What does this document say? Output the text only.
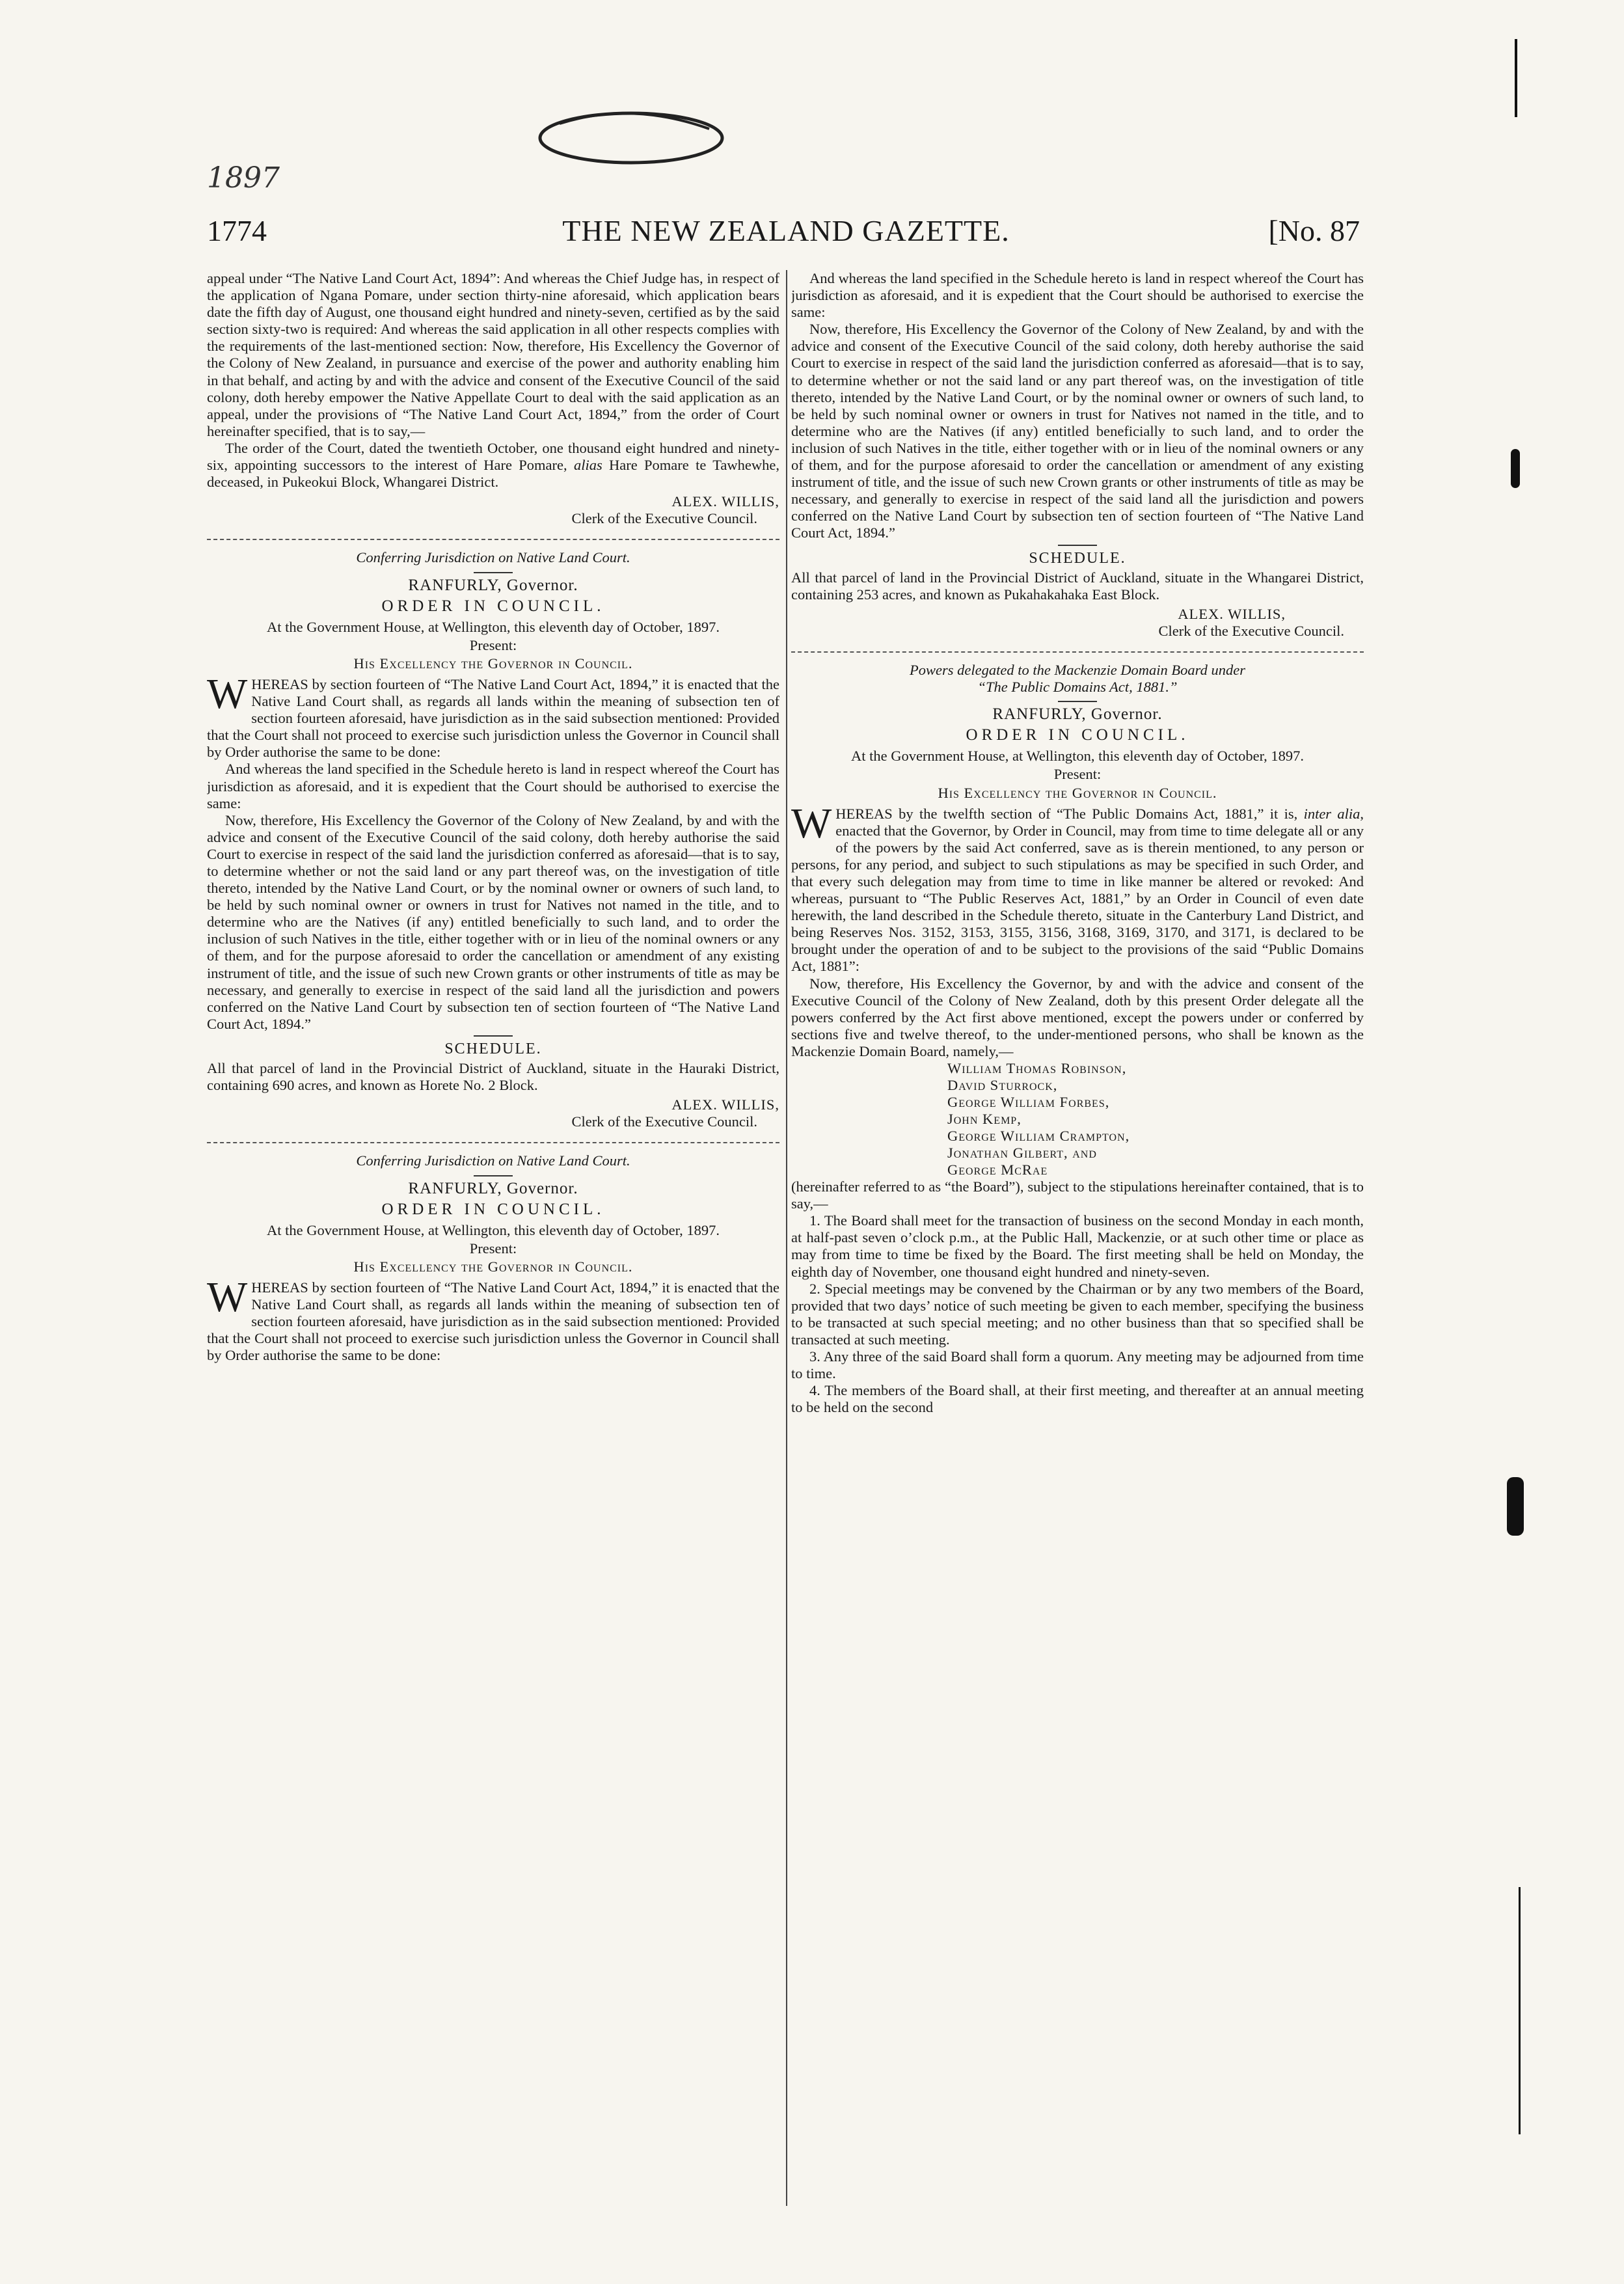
1897
1774	THE NEW ZEALAND GAZETTE.	[No. 87

appeal under “The Native Land Court Act, 1894”: And whereas the Chief Judge has, in respect of the application of Ngana Pomare, under section thirty-nine aforesaid, which application bears date the fifth day of August, one thousand eight hundred and ninety-seven, certified as by the said section sixty-two is required: And whereas the said application in all other respects complies with the requirements of the last-mentioned section: Now, therefore, His Excellency the Governor of the Colony of New Zealand, in pursuance and exercise of the power and authority enabling him in that behalf, and acting by and with the advice and consent of the Executive Council of the said colony, doth hereby empower the Native Appellate Court to deal with the said application as an appeal, under the provisions of “The Native Land Court Act, 1894,” from the order of Court hereinafter specified, that is to say,—

The order of the Court, dated the twentieth October, one thousand eight hundred and ninety-six, appointing successors to the interest of Hare Pomare, alias Hare Pomare te Tawhewhe, deceased, in Pukeokui Block, Whangarei District.

ALEX. WILLIS,

Clerk of the Executive Council.
Conferring Jurisdiction on Native Land Court.
RANFURLY, Governor.
ORDER IN COUNCIL.
At the Government House, at Wellington, this eleventh day of October, 1897.
Present:
His Excellency the Governor in Council.

WHEREAS by section fourteen of “The Native Land Court Act, 1894,” it is enacted that the Native Land Court shall, as regards all lands within the meaning of subsection ten of section fourteen aforesaid, have jurisdiction as in the said subsection mentioned: Provided that the Court shall not proceed to exercise such jurisdiction unless the Governor in Council shall by Order authorise the same to be done:

And whereas the land specified in the Schedule hereto is land in respect whereof the Court has jurisdiction as aforesaid, and it is expedient that the Court should be authorised to exercise the same:

Now, therefore, His Excellency the Governor of the Colony of New Zealand, by and with the advice and consent of the Executive Council of the said colony, doth hereby authorise the said Court to exercise in respect of the said land the jurisdiction conferred as aforesaid—that is to say, to determine whether or not the said land or any part thereof was, on the investigation of title thereto, intended by the Native Land Court, or by the nominal owner or owners of such land, to be held by such nominal owner or owners in trust for Natives not named in the title, and to determine who are the Natives (if any) entitled beneficially to such land, and to order the inclusion of such Natives in the title, either together with or in lieu of the nominal owners or any of them, and for the purpose aforesaid to order the cancellation or amendment of any existing instrument of title, and the issue of such new Crown grants or other instruments of title as may be necessary, and generally to exercise in respect of the said land all the jurisdiction and powers conferred on the Native Land Court by subsection ten of section fourteen of “The Native Land Court Act, 1894.”

SCHEDULE.

All that parcel of land in the Provincial District of Auckland, situate in the Hauraki District, containing 690 acres, and known as Horete No. 2 Block.

ALEX. WILLIS,

Clerk of the Executive Council.
Conferring Jurisdiction on Native Land Court.
RANFURLY, Governor.
ORDER IN COUNCIL.
At the Government House, at Wellington, this eleventh day of October, 1897.
Present:
His Excellency the Governor in Council.

WHEREAS by section fourteen of “The Native Land Court Act, 1894,” it is enacted that the Native Land Court shall, as regards all lands within the meaning of subsection ten of section fourteen aforesaid, have jurisdiction as in the said subsection mentioned: Provided that the Court shall not proceed to exercise such jurisdiction unless the Governor in Council shall by Order authorise the same to be done:

And whereas the land specified in the Schedule hereto is land in respect whereof the Court has jurisdiction as aforesaid, and it is expedient that the Court should be authorised to exercise the same:

Now, therefore, His Excellency the Governor of the Colony of New Zealand, by and with the advice and consent of the Executive Council of the said colony, doth hereby authorise the said Court to exercise in respect of the said land the jurisdiction conferred as aforesaid—that is to say, to determine whether or not the said land or any part thereof was, on the investigation of title thereto, intended by the Native Land Court, or by the nominal owner or owners of such land, to be held by such nominal owner or owners in trust for Natives not named in the title, and to determine who are the Natives (if any) entitled beneficially to such land, and to order the inclusion of such Natives in the title, either together with or in lieu of the nominal owners or any of them, and for the purpose aforesaid to order the cancellation or amendment of any existing instrument of title, and the issue of such new Crown grants or other instruments of title as may be necessary, and generally to exercise in respect of the said land all the jurisdiction and powers conferred on the Native Land Court by subsection ten of section fourteen of “The Native Land Court Act, 1894.”

SCHEDULE.

All that parcel of land in the Provincial District of Auckland, situate in the Whangarei District, containing 253 acres, and known as Pukahakahaka East Block.

ALEX. WILLIS,
Clerk of the Executive Council.
Powers delegated to the Mackenzie Domain Board under
“The Public Domains Act, 1881.”
RANFURLY, Governor.
ORDER IN COUNCIL.
At the Government House, at Wellington, this eleventh day of October, 1897.
Present:
His Excellency the Governor in Council.

WHEREAS by the twelfth section of “The Public Domains Act, 1881,” it is, inter alia, enacted that the Governor, by Order in Council, may from time to time delegate all or any of the powers by the said Act conferred, save as is therein mentioned, to any person or persons, for any period, and subject to such stipulations as may be specified in such Order, and that every such delegation may from time to time in like manner be altered or revoked: And whereas, pursuant to “The Public Reserves Act, 1881,” by an Order in Council of even date herewith, the land described in the Schedule thereto, situate in the Canterbury Land District, and being Reserves Nos. 3152, 3153, 3155, 3156, 3168, 3169, 3170, and 3171, is declared to be brought under the operation of and to be subject to the provisions of the said “Public Domains Act, 1881”:

Now, therefore, His Excellency the Governor, by and with the advice and consent of the Executive Council of the Colony of New Zealand, doth by this present Order delegate all the powers conferred by the Act first above mentioned, except the powers under or conferred by sections five and twelve thereof, to the under-mentioned persons, who shall be known as the Mackenzie Domain Board, namely,—

William Thomas Robinson,
David Sturrock,
George William Forbes,
John Kemp,
George William Crampton,
Jonathan Gilbert, and
George McRae

(hereinafter referred to as “the Board”), subject to the stipulations hereinafter contained, that is to say,—

1. The Board shall meet for the transaction of business on the second Monday in each month, at half-past seven o’clock p.m., at the Public Hall, Mackenzie, or at such other time or place as may from time to time be fixed by the Board. The first meeting shall be held on Monday, the eighth day of November, one thousand eight hundred and ninety-seven.

2. Special meetings may be convened by the Chairman or by any two members of the Board, provided that two days’ notice of such meeting be given to each member, specifying the business to be transacted at such special meeting; and no other business than that so specified shall be transacted at such meeting.

3. Any three of the said Board shall form a quorum. Any meeting may be adjourned from time to time.

4. The members of the Board shall, at their first meeting, and thereafter at an annual meeting to be held on the second
